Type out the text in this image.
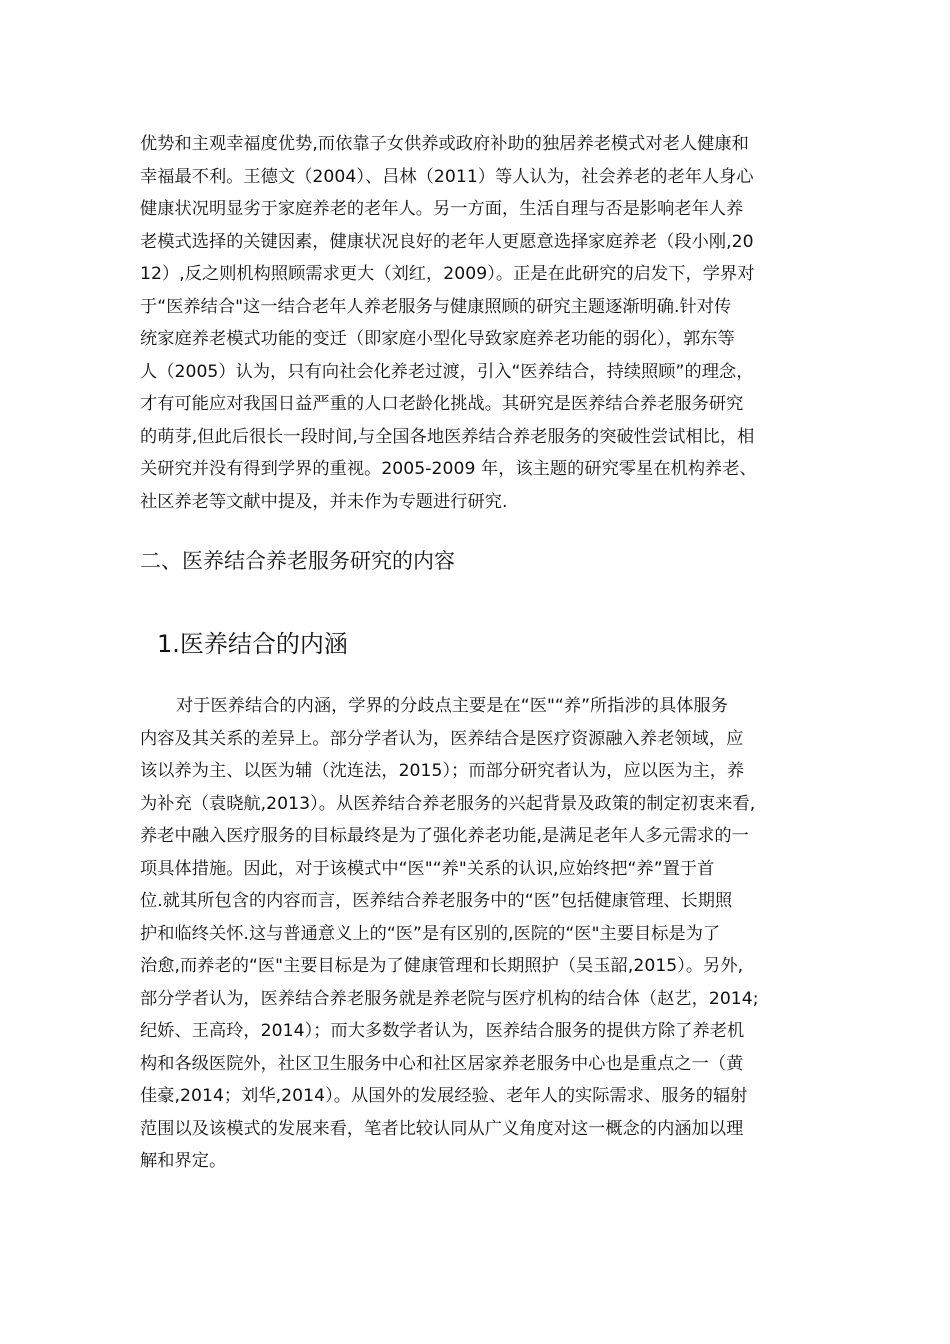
优势和主观幸福度优势,而依靠子女供养或政府补助的独居养老模式对老人健康和
幸福最不利。王德文（2004）、吕林（2011）等人认为，社会养老的老年人身心
健康状况明显劣于家庭养老的老年人。另一方面，生活自理与否是影响老年人养
老模式选择的关键因素，健康状况良好的老年人更愿意选择家庭养老（段小刚,20
12）,反之则机构照顾需求更大（刘红，2009）。正是在此研究的启发下，学界对
于“医养结合"这一结合老年人养老服务与健康照顾的研究主题逐渐明确.针对传
统家庭养老模式功能的变迁（即家庭小型化导致家庭养老功能的弱化），郭东等
人（2005）认为，只有向社会化养老过渡，引入“医养结合，持续照顾”的理念，
才有可能应对我国日益严重的人口老龄化挑战。其研究是医养结合养老服务研究
的萌芽,但此后很长一段时间,与全国各地医养结合养老服务的突破性尝试相比，相
关研究并没有得到学界的重视。2005-2009 年，该主题的研究零星在机构养老、
社区养老等文献中提及，并未作为专题进行研究.
二、医养结合养老服务研究的内容
1.医养结合的内涵
对于医养结合的内涵，学界的分歧点主要是在“医"“养”所指涉的具体服务
内容及其关系的差异上。部分学者认为，医养结合是医疗资源融入养老领域，应
该以养为主、以医为辅（沈连法，2015）；而部分研究者认为，应以医为主，养
为补充（袁晓航,2013）。从医养结合养老服务的兴起背景及政策的制定初衷来看,
养老中融入医疗服务的目标最终是为了强化养老功能,是满足老年人多元需求的一
项具体措施。因此，对于该模式中“医"“养"关系的认识,应始终把“养”置于首
位.就其所包含的内容而言，医养结合养老服务中的“医”包括健康管理、长期照
护和临终关怀.这与普通意义上的“医”是有区别的,医院的“医"主要目标是为了
治愈,而养老的“医"主要目标是为了健康管理和长期照护（吴玉韶,2015）。另外,
部分学者认为，医养结合养老服务就是养老院与医疗机构的结合体（赵艺，2014;
纪娇、王高玲，2014）；而大多数学者认为，医养结合服务的提供方除了养老机
构和各级医院外，社区卫生服务中心和社区居家养老服务中心也是重点之一（黄
佳豪,2014；刘华,2014）。从国外的发展经验、老年人的实际需求、服务的辐射
范围以及该模式的发展来看，笔者比较认同从广义角度对这一概念的内涵加以理
解和界定。
